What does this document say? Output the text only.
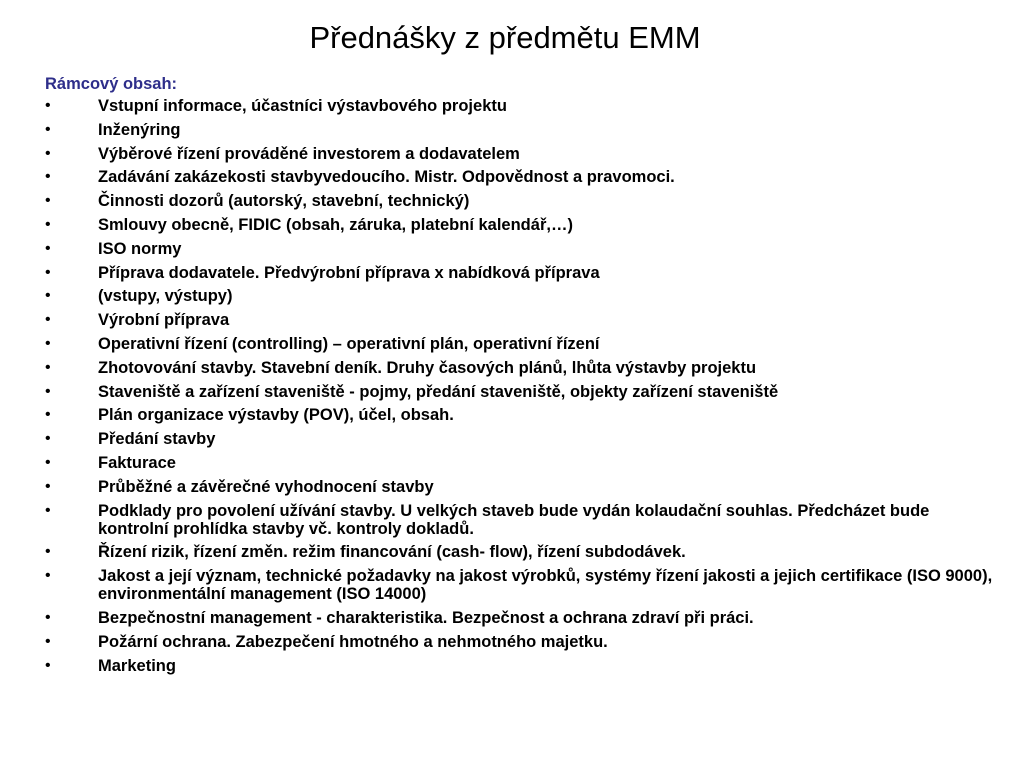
Přednášky z předmětu EMM

Rámcový obsah:

•	Vstupní informace, účastníci výstavbového projektu
•	Inženýring
•	Výběrové řízení prováděné investorem a dodavatelem
•	Zadávání zakázekosti stavbyvedoucího. Mistr. Odpovědnost a pravomoci.
•	Činnosti dozorů (autorský, stavební, technický)
•	Smlouvy obecně, FIDIC (obsah, záruka, platební kalendář,…)
•	ISO normy
•	Příprava dodavatele. Předvýrobní příprava x nabídková příprava
•	(vstupy, výstupy)
•	Výrobní příprava
•	Operativní řízení (controlling) – operativní plán, operativní řízení
•	Zhotovování stavby. Stavební deník. Druhy časových plánů, lhůta výstavby projektu
•	Staveniště a zařízení staveniště - pojmy, předání staveniště, objekty zařízení staveniště
•	Plán organizace výstavby (POV), účel, obsah.
•	Předání stavby
•	Fakturace
•	Průběžné a závěrečné vyhodnocení stavby
•	Podklady pro povolení užívání stavby. U velkých staveb bude vydán kolaudační souhlas. Předcházet bude kontrolní prohlídka stavby vč. kontroly dokladů.
•	Řízení rizik, řízení změn. režim financování (cash- flow), řízení subdodávek.
•	Jakost a její význam, technické požadavky na jakost výrobků, systémy řízení jakosti a jejich certifikace (ISO 9000), environmentální management (ISO 14000)
•	Bezpečnostní management - charakteristika. Bezpečnost a ochrana zdraví při práci.
•	Požární ochrana. Zabezpečení hmotného a nehmotného majetku.
•	Marketing
